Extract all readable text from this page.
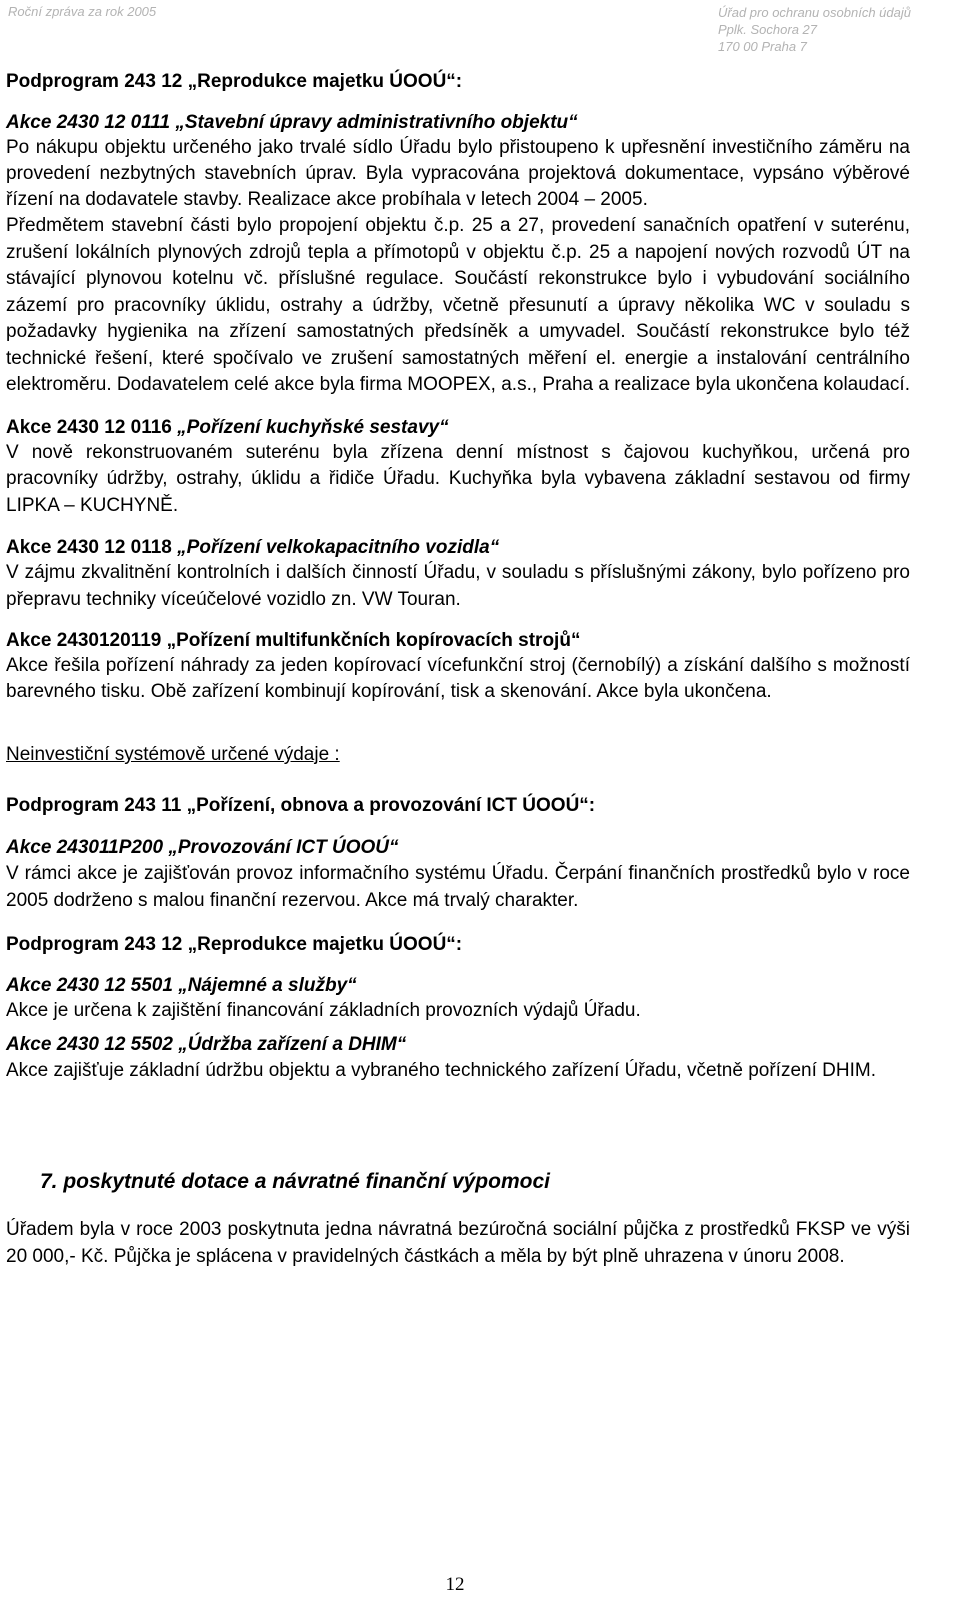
Roční zpráva za rok 2005	Úřad pro ochranu osobních údajů
Pplk. Sochora 27
170 00 Praha 7

Podprogram 243 12 „Reprodukce majetku ÚOOÚ“:

Akce 2430 12 0111 „Stavební úpravy administrativního objektu“

Po nákupu objektu určeného jako trvalé sídlo Úřadu bylo přistoupeno k upřesnění investičního záměru na provedení nezbytných stavebních úprav. Byla vypracována projektová dokumentace, vypsáno výběrové řízení na dodavatele stavby. Realizace akce probíhala v letech 2004 – 2005.

Předmětem stavební části bylo propojení objektu č.p. 25 a 27, provedení sanačních opatření v suterénu, zrušení lokálních plynových zdrojů tepla a přímotopů v objektu č.p. 25 a napojení nových rozvodů ÚT na stávající plynovou kotelnu vč. příslušné regulace. Součástí rekonstrukce bylo i vybudování sociálního zázemí pro pracovníky úklidu, ostrahy a údržby, včetně přesunutí a úpravy několika WC v souladu s požadavky hygienika na zřízení samostatných předsíněk a umyvadel. Součástí rekonstrukce bylo též technické řešení, které spočívalo ve zrušení samostatných měření el. energie a instalování centrálního elektroměru. Dodavatelem celé akce byla firma MOOPEX, a.s., Praha a realizace byla ukončena kolaudací.

Akce 2430 12 0116 „Pořízení kuchyňské sestavy“

V nově rekonstruovaném suterénu byla zřízena denní místnost s čajovou kuchyňkou, určená pro pracovníky údržby, ostrahy, úklidu a řidiče Úřadu. Kuchyňka byla vybavena základní sestavou od firmy LIPKA – KUCHYNĚ.

Akce 2430 12 0118 „Pořízení velkokapacitního vozidla“

V zájmu zkvalitnění kontrolních i dalších činností Úřadu, v souladu s příslušnými zákony, bylo pořízeno pro přepravu techniky víceúčelové vozidlo zn. VW Touran.

Akce 2430120119 „Pořízení multifunkčních kopírovacích strojů“

Akce řešila pořízení náhrady za jeden kopírovací vícefunkční stroj (černobílý) a získání dalšího s možností barevného tisku. Obě zařízení kombinují kopírování, tisk a skenování. Akce byla ukončena.

Neinvestiční systémově určené výdaje :

Podprogram 243 11 „Pořízení, obnova a provozování ICT ÚOOÚ“:

Akce 243011P200 „Provozování ICT ÚOOÚ“

V rámci akce je zajišťován provoz informačního systému Úřadu. Čerpání finančních prostředků bylo v roce 2005 dodrženo s malou finanční rezervou. Akce má trvalý charakter.

Podprogram 243 12 „Reprodukce majetku ÚOOÚ“:

Akce 2430 12 5501 „Nájemné a služby“

Akce je určena k zajištění financování základních provozních výdajů Úřadu.

Akce 2430 12 5502 „Údržba zařízení a DHIM“

Akce zajišťuje základní údržbu objektu a vybraného technického zařízení Úřadu, včetně pořízení DHIM.

7. poskytnuté dotace a návratné finanční výpomoci

Úřadem byla v roce 2003 poskytnuta jedna návratná bezúročná sociální půjčka z prostředků FKSP ve výši 20 000,- Kč. Půjčka je splácena v pravidelných částkách a měla by být plně uhrazena v únoru 2008.

12
